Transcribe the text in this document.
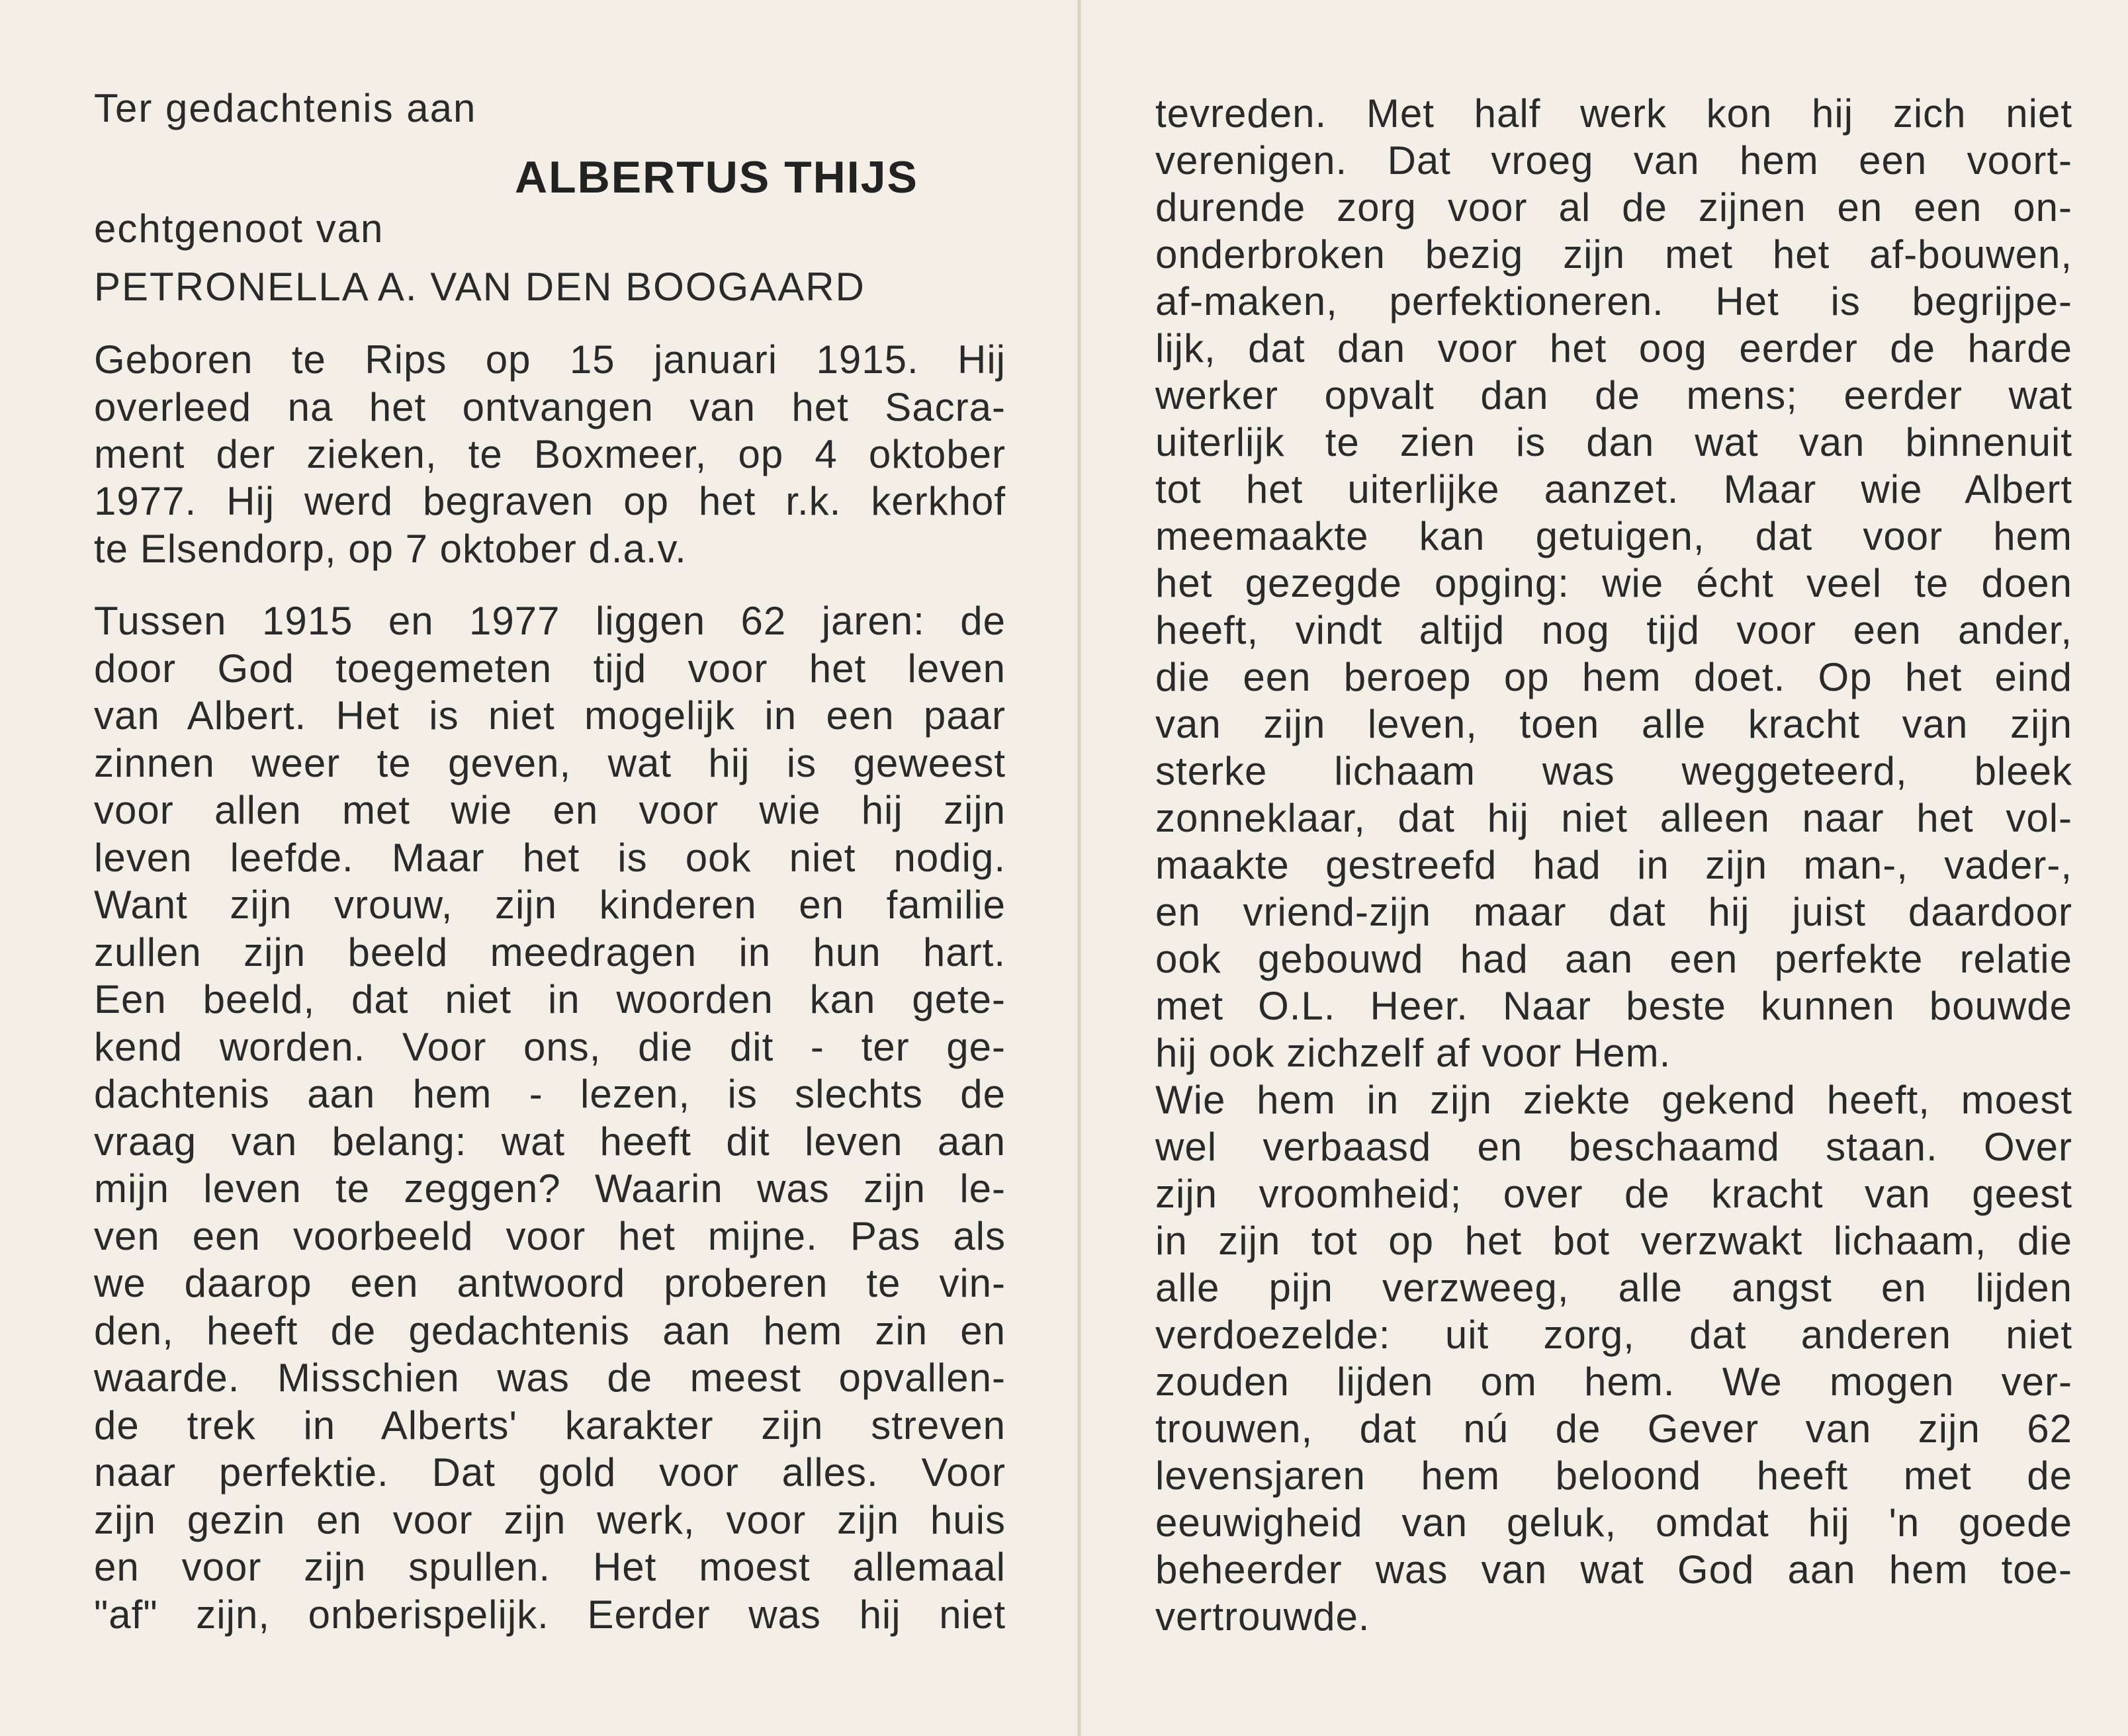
Ter gedachtenis aan
ALBERTUS THIJS
echtgenoot van
PETRONELLA A. VAN DEN BOOGAARD
Geboren te Rips op 15 januari 1915. Hij
overleed na het ontvangen van het Sacra-
ment der zieken, te Boxmeer, op 4 oktober
1977. Hij werd begraven op het r.k. kerkhof
te Elsendorp, op 7 oktober d.a.v.
Tussen 1915 en 1977 liggen 62 jaren: de
door God toegemeten tijd voor het leven
van Albert. Het is niet mogelijk in een paar
zinnen weer te geven, wat hij is geweest
voor allen met wie en voor wie hij zijn
leven leefde. Maar het is ook niet nodig.
Want zijn vrouw, zijn kinderen en familie
zullen zijn beeld meedragen in hun hart.
Een beeld, dat niet in woorden kan gete-
kend worden. Voor ons, die dit - ter ge-
dachtenis aan hem - lezen, is slechts de
vraag van belang: wat heeft dit leven aan
mijn leven te zeggen? Waarin was zijn le-
ven een voorbeeld voor het mijne. Pas als
we daarop een antwoord proberen te vin-
den, heeft de gedachtenis aan hem zin en
waarde. Misschien was de meest opvallen-
de trek in Alberts' karakter zijn streven
naar perfektie. Dat gold voor alles. Voor
zijn gezin en voor zijn werk, voor zijn huis
en voor zijn spullen. Het moest allemaal
"af" zijn, onberispelijk. Eerder was hij niet
tevreden. Met half werk kon hij zich niet
verenigen. Dat vroeg van hem een voort-
durende zorg voor al de zijnen en een on-
onderbroken bezig zijn met het af-bouwen,
af-maken, perfektioneren. Het is begrijpe-
lijk, dat dan voor het oog eerder de harde
werker opvalt dan de mens; eerder wat
uiterlijk te zien is dan wat van binnenuit
tot het uiterlijke aanzet. Maar wie Albert
meemaakte kan getuigen, dat voor hem
het gezegde opging: wie écht veel te doen
heeft, vindt altijd nog tijd voor een ander,
die een beroep op hem doet. Op het eind
van zijn leven, toen alle kracht van zijn
sterke lichaam was weggeteerd, bleek
zonneklaar, dat hij niet alleen naar het vol-
maakte gestreefd had in zijn man-, vader-,
en vriend-zijn maar dat hij juist daardoor
ook gebouwd had aan een perfekte relatie
met O.L. Heer. Naar beste kunnen bouwde
hij ook zichzelf af voor Hem.
Wie hem in zijn ziekte gekend heeft, moest
wel verbaasd en beschaamd staan. Over
zijn vroomheid; over de kracht van geest
in zijn tot op het bot verzwakt lichaam, die
alle pijn verzweeg, alle angst en lijden
verdoezelde: uit zorg, dat anderen niet
zouden lijden om hem. We mogen ver-
trouwen, dat nú de Gever van zijn 62
levensjaren hem beloond heeft met de
eeuwigheid van geluk, omdat hij 'n goede
beheerder was van wat God aan hem toe-
vertrouwde.
